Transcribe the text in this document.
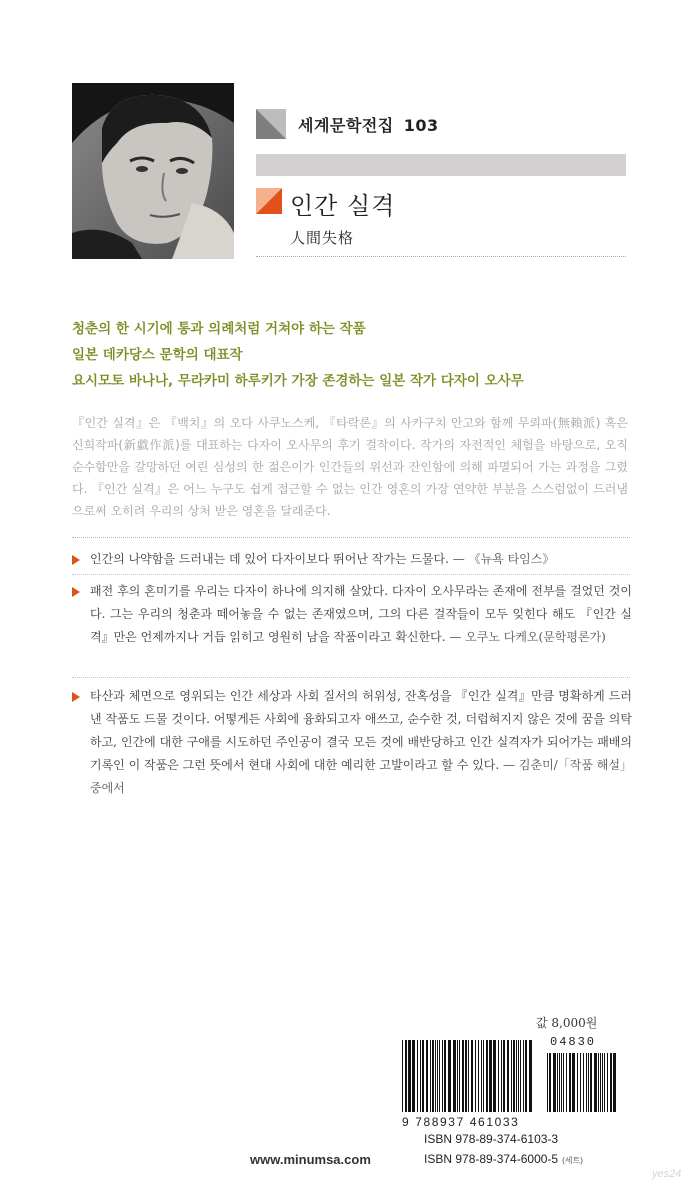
세계문학전집 103
인간 실격
人間失格

청춘의 한 시기에 통과 의례처럼 거쳐야 하는 작품

일본 데카당스 문학의 대표작

요시모토 바나나, 무라카미 하루키가 가장 존경하는 일본 작가 다자이 오사무

『인간 실격』은 『백치』의 오다 사쿠노스케, 『타락론』의 사카구치 안고와 함께 무뢰파(無賴派) 혹은 신희작파(新戱作派)를 대표하는 다자이 오사무의 후기 걸작이다. 작가의 자전적인 체험을 바탕으로, 오직 순수함만을 갈망하던 여린 심성의 한 젊은이가 인간들의 위선과 잔인함에 의해 파멸되어 가는 과정을 그렸다. 『인간 실격』은 어느 누구도 쉽게 접근할 수 없는 인간 영혼의 가장 연약한 부분을 스스럼없이 드러냄으로써 오히려 우리의 상처 받은 영혼을 달래준다.
인간의 나약함을 드러내는 데 있어 다자이보다 뛰어난 작가는 드물다. — 《뉴욕 타임스》
패전 후의 혼미기를 우리는 다자이 하나에 의지해 살았다. 다자이 오사무라는 존재에 전부를 걸었던 것이다. 그는 우리의 청춘과 떼어놓을 수 없는 존재였으며, 그의 다른 걸작들이 모두 잊힌다 해도 『인간 실격』만은 언제까지나 거듭 읽히고 영원히 남을 작품이라고 확신한다. — 오쿠노 다케오(문학평론가)
타산과 체면으로 영위되는 인간 세상과 사회 질서의 허위성, 잔혹성을 『인간 실격』만큼 명확하게 드러낸 작품도 드물 것이다. 어떻게든 사회에 융화되고자 애쓰고, 순수한 것, 더럽혀지지 않은 것에 꿈을 의탁하고, 인간에 대한 구애를 시도하던 주인공이 결국 모든 것에 배반당하고 인간 실격자가 되어가는 패배의 기록인 이 작품은 그런 뜻에서 현대 사회에 대한 예리한 고발이라고 할 수 있다. — 김춘미/「작품 해설」 중에서
값 8,000원
04830
9 788937 461033
ISBN 978-89-374-6103-3
ISBN 978-89-374-6000-5 (세트)
www.minumsa.com
yes24
